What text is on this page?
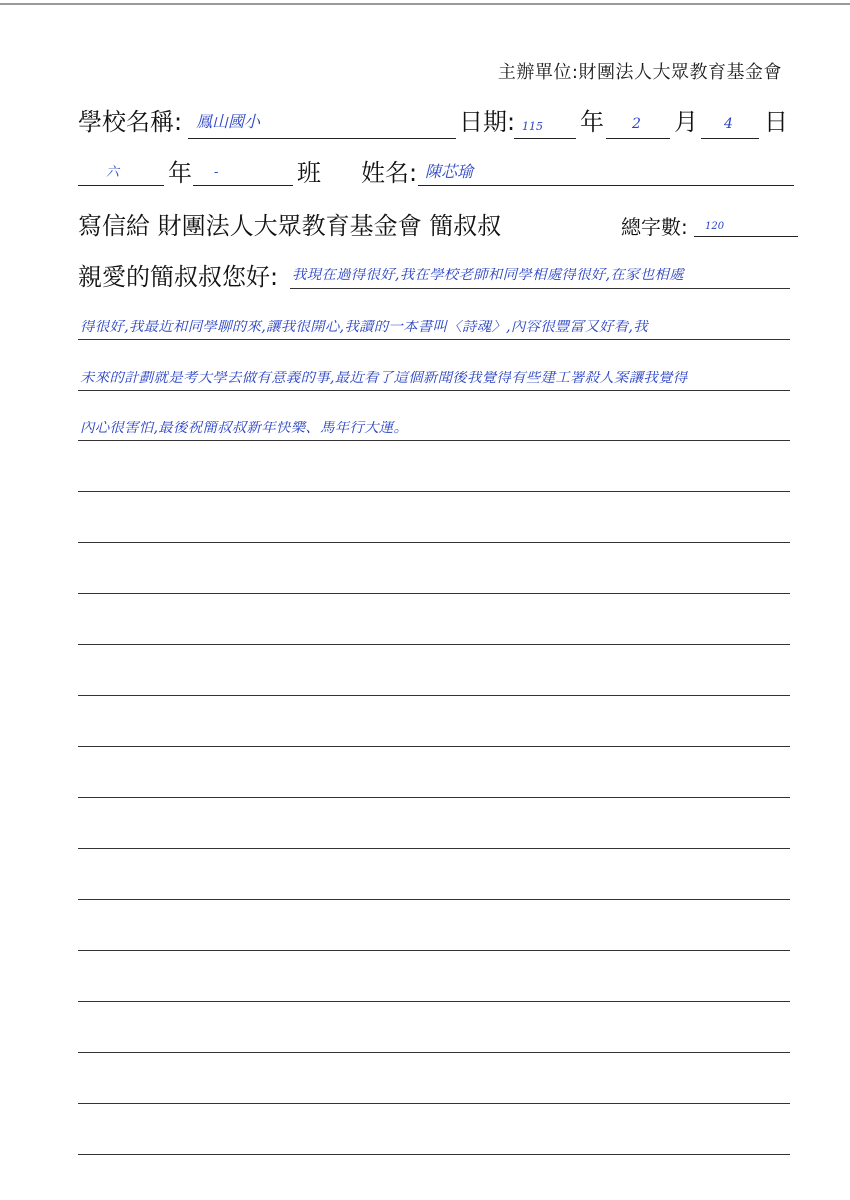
主辦單位:財團法人大眾教育基金會
學校名稱: 鳳山國小	日期: 115 年 2 月 4 日
六 年 -	班 姓名: 陳芯瑜
寫信給 財團法人大眾教育基金會 簡叔叔	總字數: 120
親愛的簡叔叔您好: 我現在過得很好,我在學校老師和同學相處得很好,在家也相處
得很好,我最近和同學聊的來,讓我很開心,我讀的一本書叫〈詩魂〉,內容很豐富又好看,我
未來的計劃就是考大學去做有意義的事,最近看了這個新聞後我覺得有些建工署殺人案讓我覺得
內心很害怕,最後祝簡叔叔新年快樂、馬年行大運。
